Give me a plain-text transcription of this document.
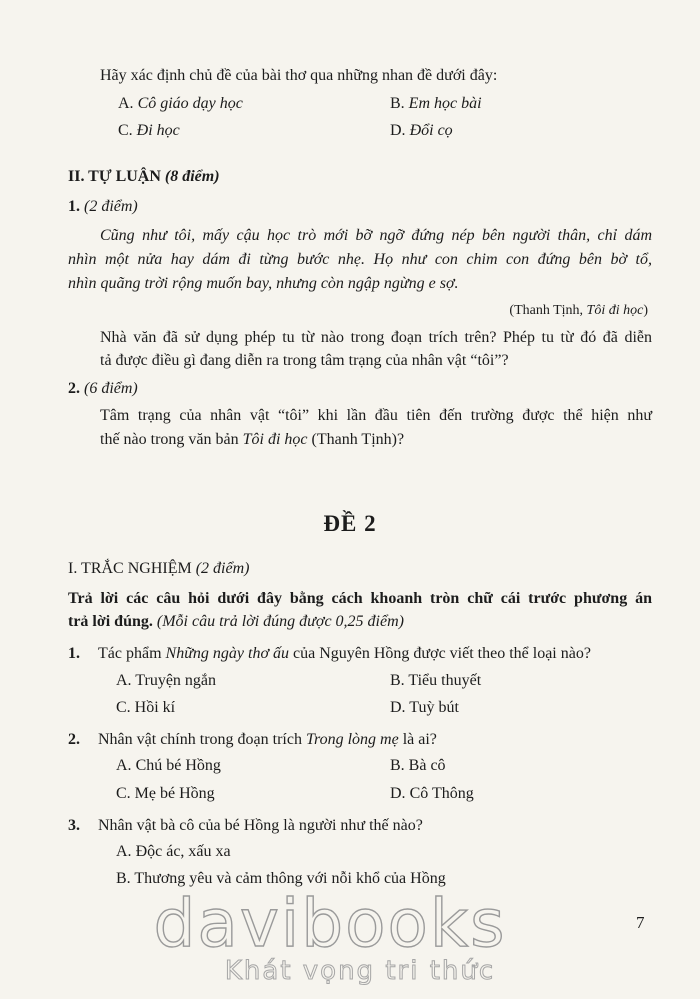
Hãy xác định chủ đề của bài thơ qua những nhan đề dưới đây:
A. Cô giáo dạy học	B. Em học bài
C. Đi học	D. Đổi cọ
II. TỰ LUẬN (8 điểm)
1. (2 điểm)
Cũng như tôi, mấy cậu học trò mới bỡ ngỡ đứng nép bên người thân, chỉ dám
nhìn một nửa hay dám đi từng bước nhẹ. Họ như con chim con đứng bên bờ tổ,
nhìn quãng trời rộng muốn bay, nhưng còn ngập ngừng e sợ.
(Thanh Tịnh, Tôi đi học)
Nhà văn đã sử dụng phép tu từ nào trong đoạn trích trên? Phép tu từ đó đã diễn
tả được điều gì đang diễn ra trong tâm trạng của nhân vật “tôi”?
2. (6 điểm)
Tâm trạng của nhân vật “tôi” khi lần đầu tiên đến trường được thể hiện như
thế nào trong văn bản Tôi đi học (Thanh Tịnh)?
ĐỀ 2
I. TRẮC NGHIỆM (2 điểm)
Trả lời các câu hỏi dưới đây bằng cách khoanh tròn chữ cái trước phương án
trả lời đúng. (Mỗi câu trả lời đúng được 0,25 điểm)
1. Tác phẩm Những ngày thơ ấu của Nguyên Hồng được viết theo thể loại nào?
A. Truyện ngắn	B. Tiểu thuyết
C. Hồi kí	D. Tuỳ bút
2. Nhân vật chính trong đoạn trích Trong lòng mẹ là ai?
A. Chú bé Hồng	B. Bà cô
C. Mẹ bé Hồng	D. Cô Thông
3. Nhân vật bà cô của bé Hồng là người như thế nào?
A. Độc ác, xấu xa
B. Thương yêu và cảm thông với nỗi khổ của Hồng
7
davibooks
Khát vọng tri thức
